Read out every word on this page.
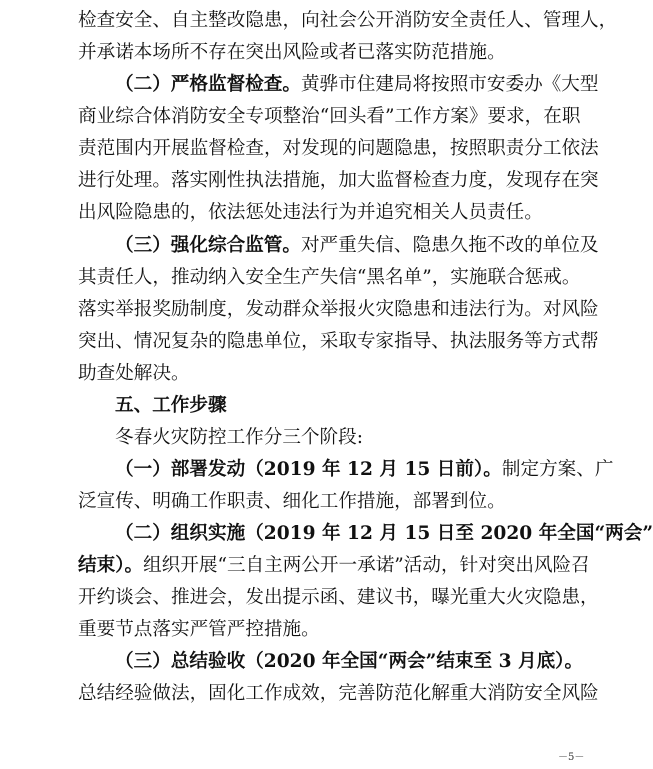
检查安全、自主整改隐患，向社会公开消防安全责任人、管理人，
并承诺本场所不存在突出风险或者已落实防范措施。
（二）严格监督检查。黄骅市住建局将按照市安委办《大型
商业综合体消防安全专项整治“回头看”工作方案》要求，在职
责范围内开展监督检查，对发现的问题隐患，按照职责分工依法
进行处理。落实刚性执法措施，加大监督检查力度，发现存在突
出风险隐患的，依法惩处违法行为并追究相关人员责任。
（三）强化综合监管。对严重失信、隐患久拖不改的单位及
其责任人，推动纳入安全生产失信“黑名单”，实施联合惩戒。
落实举报奖励制度，发动群众举报火灾隐患和违法行为。对风险
突出、情况复杂的隐患单位，采取专家指导、执法服务等方式帮
助查处解决。
五、工作步骤
冬春火灾防控工作分三个阶段:
（一）部署发动（2019 年 12 月 15 日前）。制定方案、广
泛宣传、明确工作职责、细化工作措施，部署到位。
（二）组织实施（2019 年 12 月 15 日至 2020 年全国“两会”
结束）。组织开展“三自主两公开一承诺”活动，针对突出风险召
开约谈会、推进会，发出提示函、建议书，曝光重大火灾隐患，
重要节点落实严管严控措施。
（三）总结验收（2020 年全国“两会”结束至 3 月底）。
总结经验做法，固化工作成效，完善防范化解重大消防安全风险
－5－
